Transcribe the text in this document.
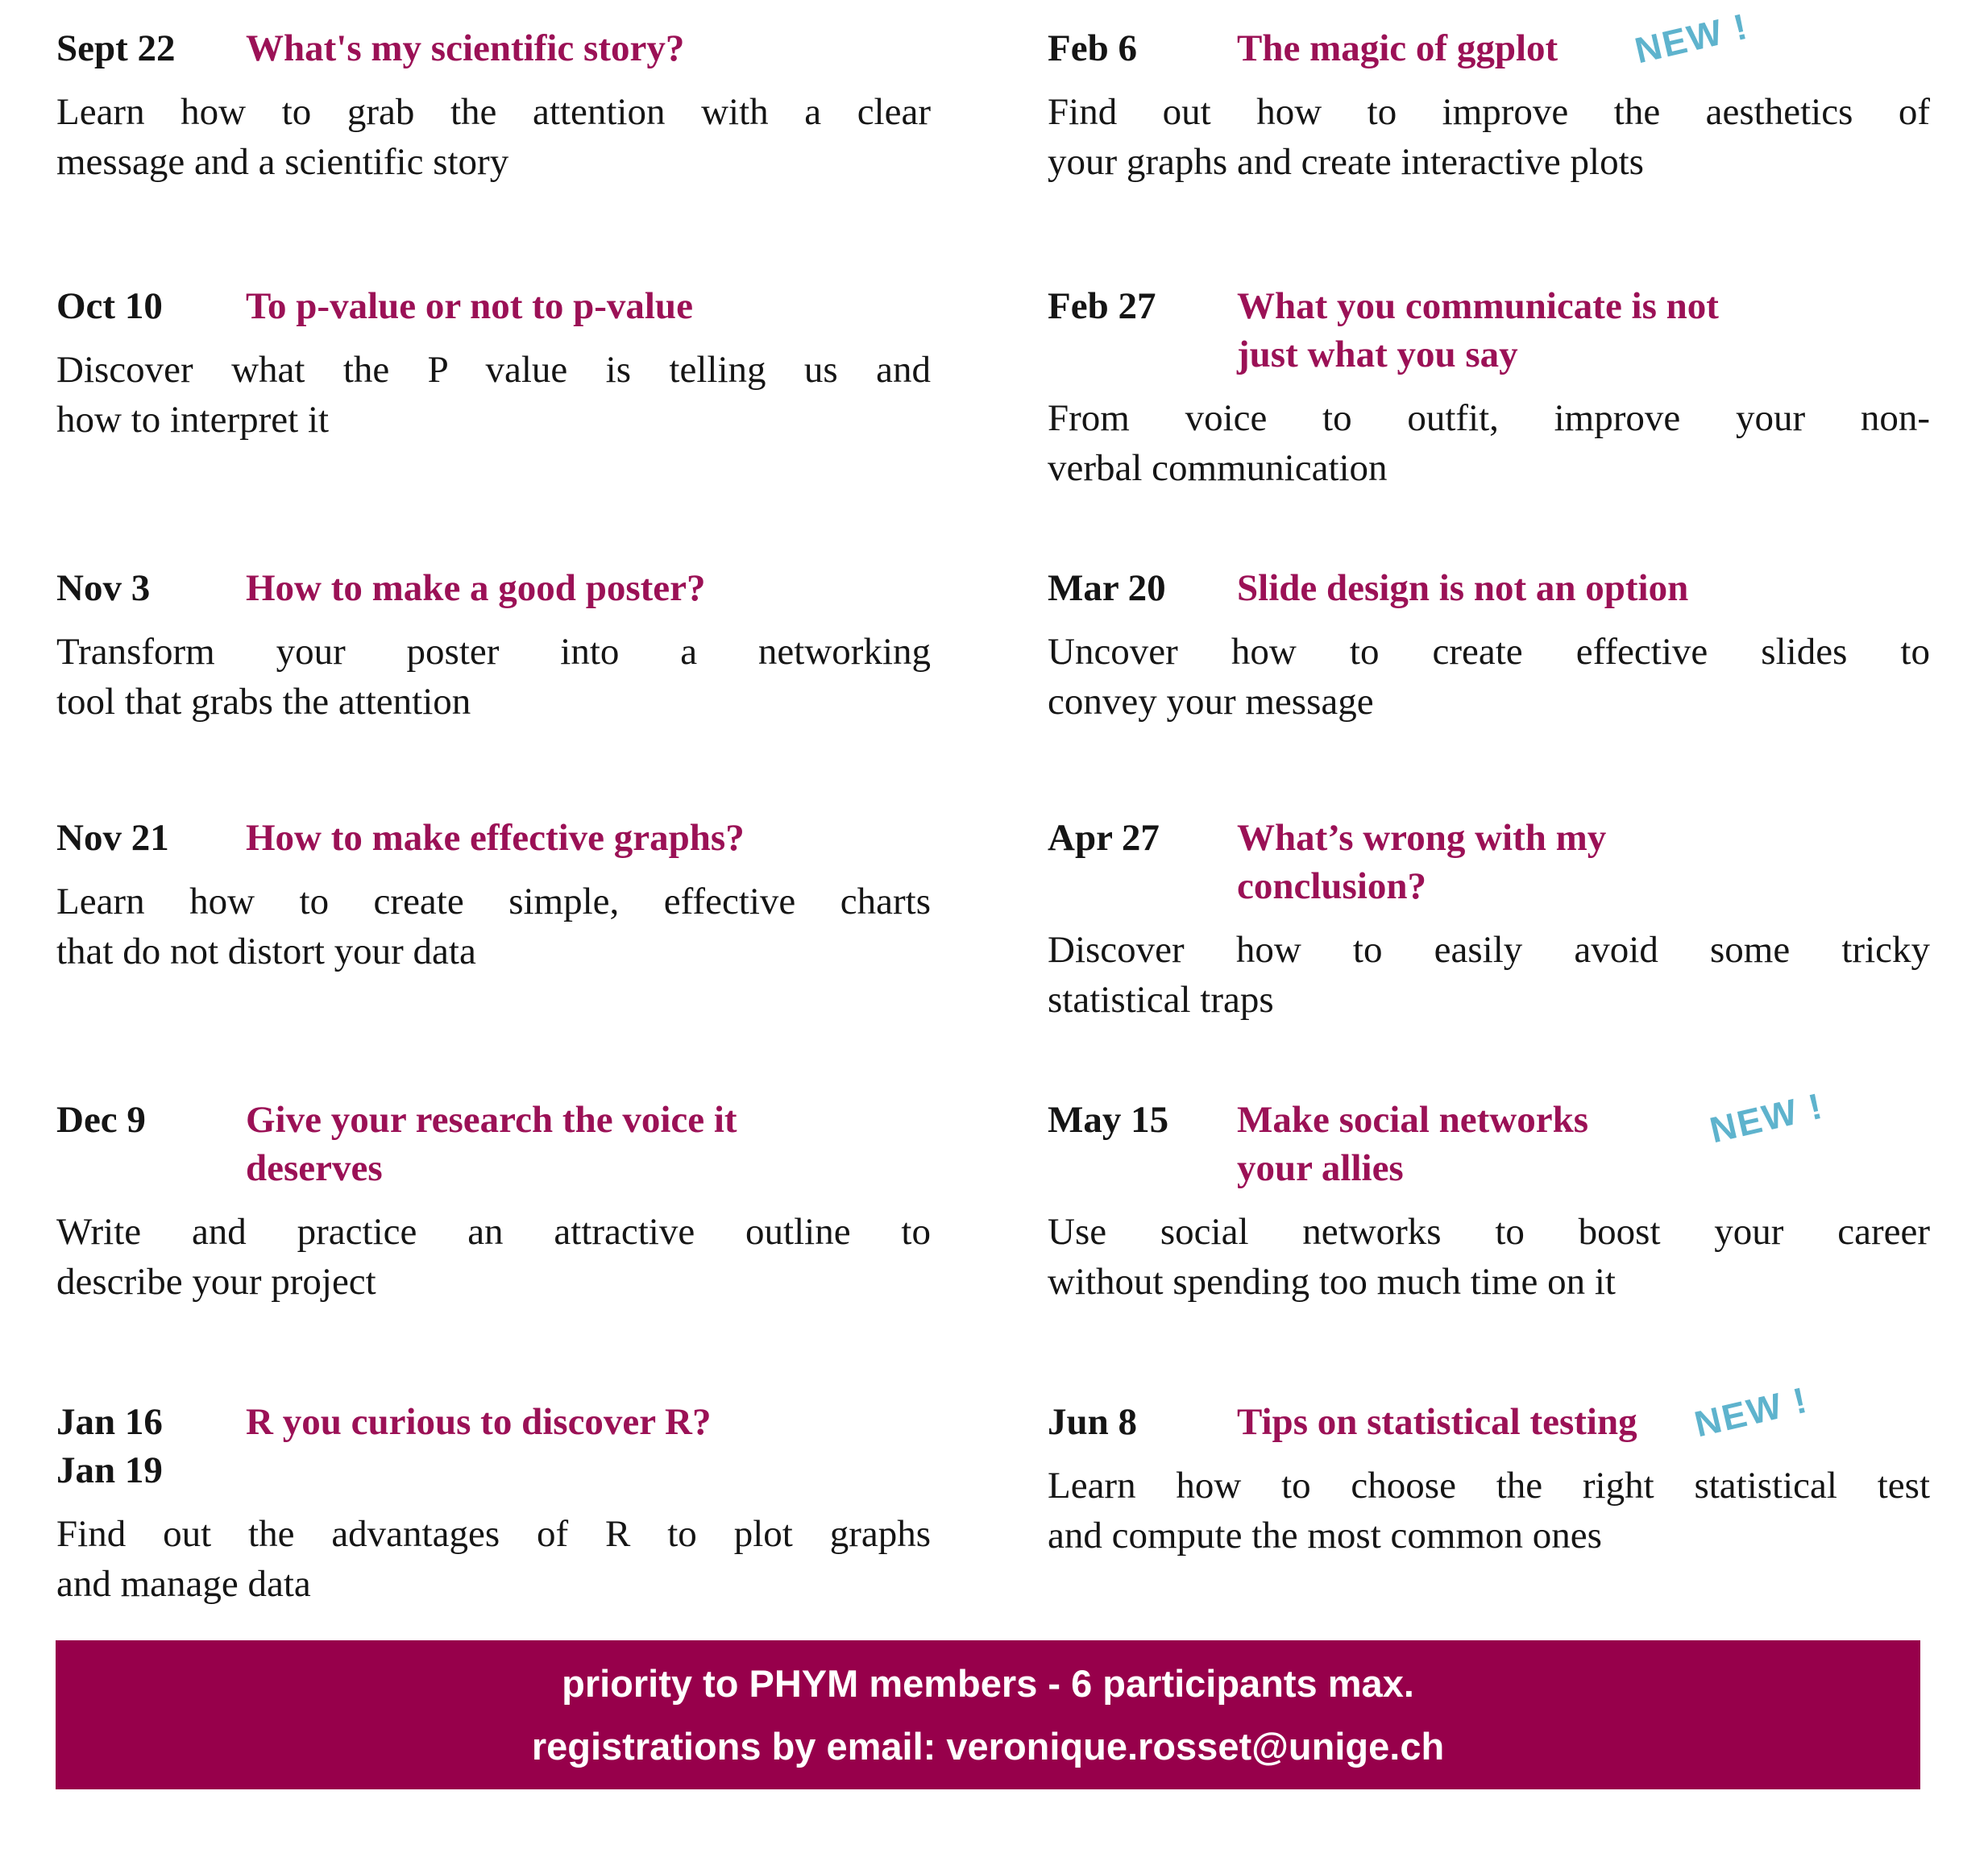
Sept 22	What's my scientific story?

Learn how to grab the attention with a clear
message and a scientific story

Oct 10	To p-value or not to p-value

Discover what the P value is telling us and
how to interpret it

Nov 3	How to make a good poster?

Transform your poster into a networking
tool that grabs the attention

Nov 21	How to make effective graphs?

Learn how to create simple, effective charts
that do not distort your data

Dec 9	Give your research the voice it
deserves

Write and practice an attractive outline to
describe your project

Jan 16
Jan 19
R you curious to discover R?

Find out the advantages of R to plot graphs
and manage data

Feb 6	The magic of ggplot NEW !

Find out how to improve the aesthetics of
your graphs and create interactive plots

Feb 27	What you communicate is not
just what you say

From voice to outfit, improve your non-
verbal communication

Mar 20	Slide design is not an option

Uncover how to create effective slides to
convey your message

Apr 27	What’s wrong with my
conclusion?

Discover how to easily avoid some tricky
statistical traps

May 15	Make social networks	NEW !
your allies

Use social networks to boost your career
without spending too much time on it

Jun 8	Tips on statistical testing NEW !

Learn how to choose the right statistical test
and compute the most common ones

priority to PHYM members - 6 participants max.
registrations by email: veronique.rosset@unige.ch
